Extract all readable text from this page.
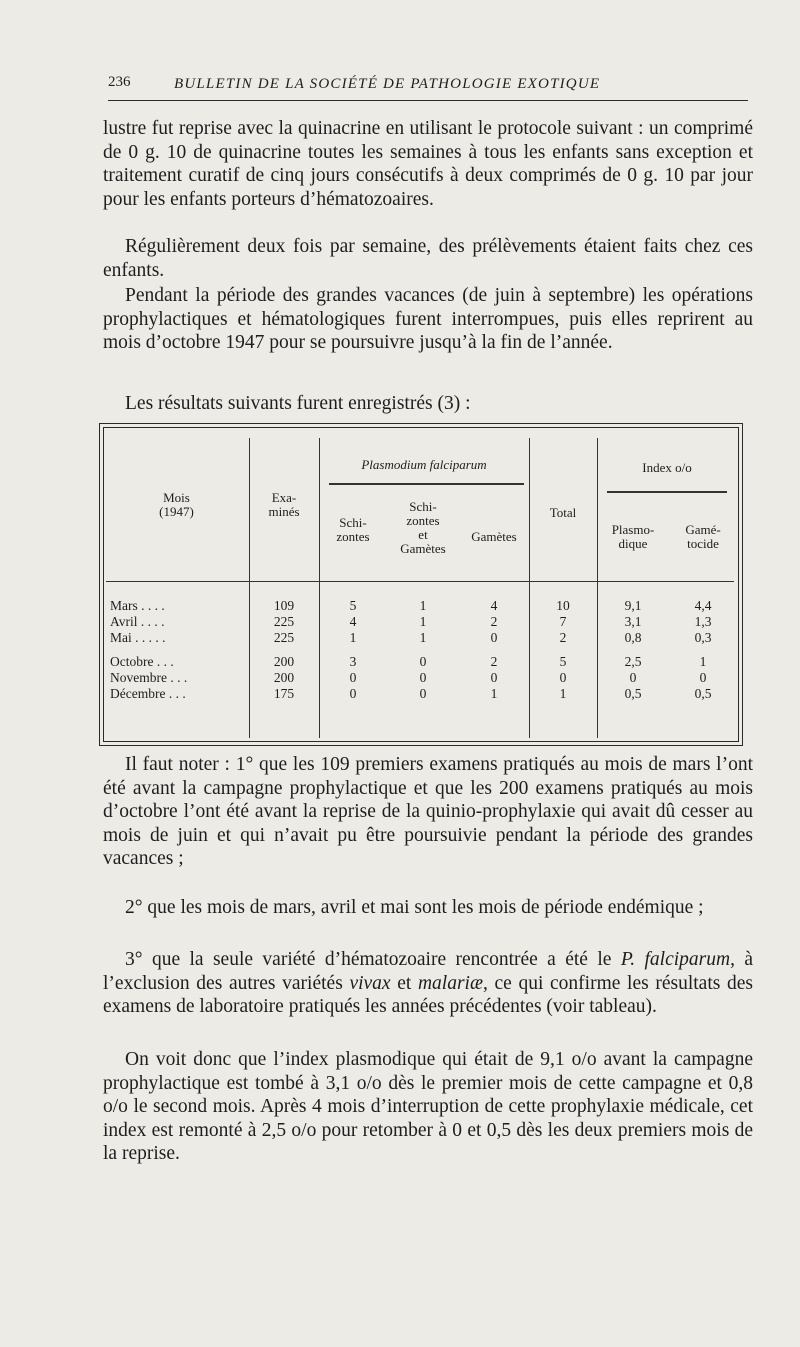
236	BULLETIN DE LA SOCIÉTÉ DE PATHOLOGIE EXOTIQUE

lustre fut reprise avec la quinacrine en utilisant le protocole suivant : un comprimé de 0 g. 10 de quinacrine toutes les semaines à tous les enfants sans exception et traitement curatif de cinq jours consécutifs à deux comprimés de 0 g. 10 par jour pour les enfants porteurs d’hématozoaires.

Régulièrement deux fois par semaine, des prélèvements étaient faits chez ces enfants.

Pendant la période des grandes vacances (de juin à septembre) les opérations prophylactiques et hématologiques furent interrompues, puis elles reprirent au mois d’octobre 1947 pour se poursuivre jusqu’à la fin de l’année.

Les résultats suivants furent enregistrés (3) :

Mois
(1947)
Exa-
minés
Plasmodium falciparum
Schi-
zontes
Schi-
zontes
et
Gamètes
Gamètes
Total
Index o/o
Plasmo-
dique
Gamé-
tocide
Mars . . . .
Avril . . . .
Mai . . . . .
Octobre . . .
Novembre . . .
Décembre . . .
109
225
225
200
200
175
5
4
1
3
0
0
1
1
1
0
0
0
4
2
0
2
0
1
10
7
2
5
0
1
9,1
3,1
0,8
2,5
0
0,5
4,4
1,3
0,3
1
0
0,5

Il faut noter : 1° que les 109 premiers examens pratiqués au mois de mars l’ont été avant la campagne prophylactique et que les 200 examens pratiqués au mois d’octobre l’ont été avant la reprise de la quinio-prophylaxie qui avait dû cesser au mois de juin et qui n’avait pu être poursuivie pendant la période des grandes vacances ;

2° que les mois de mars, avril et mai sont les mois de période endémique ;

3° que la seule variété d’hématozoaire rencontrée a été le P. falciparum, à l’exclusion des autres variétés vivax et malariæ, ce qui confirme les résultats des examens de laboratoire pratiqués les années précédentes (voir tableau).

On voit donc que l’index plasmodique qui était de 9,1 o/o avant la campagne prophylactique est tombé à 3,1 o/o dès le premier mois de cette campagne et 0,8 o/o le second mois. Après 4 mois d’interruption de cette prophylaxie médicale, cet index est remonté à 2,5 o/o pour retomber à 0 et 0,5 dès les deux premiers mois de la reprise.
